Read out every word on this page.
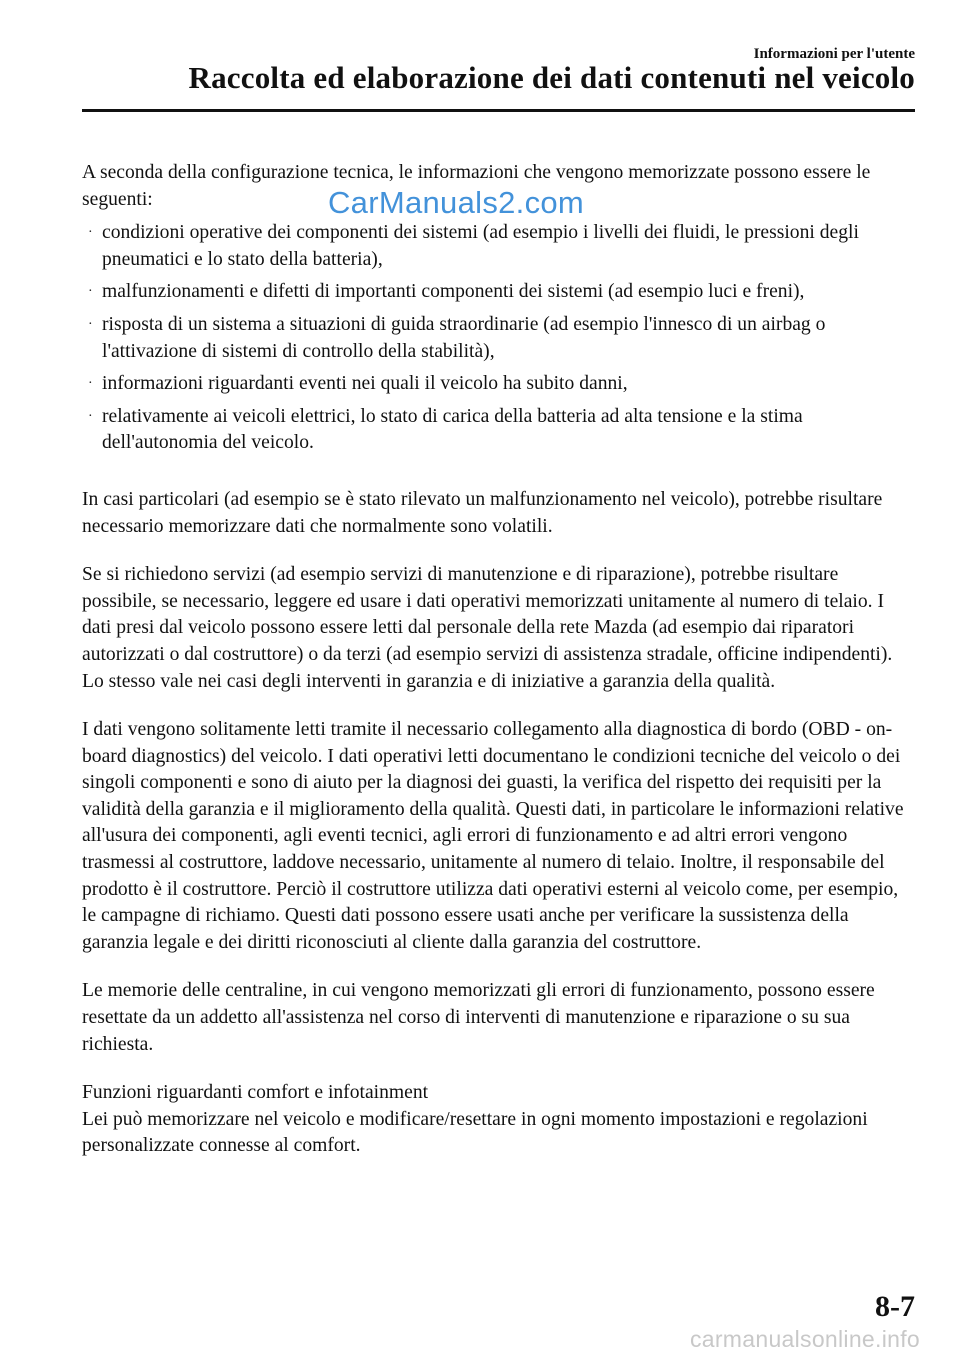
Informazioni per l'utente
Raccolta ed elaborazione dei dati contenuti nel veicolo
CarManuals2.com

A seconda della configurazione tecnica, le informazioni che vengono memorizzate possono essere le seguenti:

· condizioni operative dei componenti dei sistemi (ad esempio i livelli dei fluidi, le pressioni degli pneumatici e lo stato della batteria),
· malfunzionamenti e difetti di importanti componenti dei sistemi (ad esempio luci e freni),
· risposta di un sistema a situazioni di guida straordinarie (ad esempio l'innesco di un airbag o l'attivazione di sistemi di controllo della stabilità),
· informazioni riguardanti eventi nei quali il veicolo ha subito danni,
· relativamente ai veicoli elettrici, lo stato di carica della batteria ad alta tensione e la stima dell'autonomia del veicolo.

In casi particolari (ad esempio se è stato rilevato un malfunzionamento nel veicolo), potrebbe risultare necessario memorizzare dati che normalmente sono volatili.

Se si richiedono servizi (ad esempio servizi di manutenzione e di riparazione), potrebbe risultare possibile, se necessario, leggere ed usare i dati operativi memorizzati unitamente al numero di telaio. I dati presi dal veicolo possono essere letti dal personale della rete Mazda (ad esempio dai riparatori autorizzati o dal costruttore) o da terzi (ad esempio servizi di assistenza stradale, officine indipendenti). Lo stesso vale nei casi degli interventi in garanzia e di iniziative a garanzia della qualità.

I dati vengono solitamente letti tramite il necessario collegamento alla diagnostica di bordo (OBD - on-board diagnostics) del veicolo. I dati operativi letti documentano le condizioni tecniche del veicolo o dei singoli componenti e sono di aiuto per la diagnosi dei guasti, la verifica del rispetto dei requisiti per la validità della garanzia e il miglioramento della qualità. Questi dati, in particolare le informazioni relative all'usura dei componenti, agli eventi tecnici, agli errori di funzionamento e ad altri errori vengono trasmessi al costruttore, laddove necessario, unitamente al numero di telaio. Inoltre, il responsabile del prodotto è il costruttore. Perciò il costruttore utilizza dati operativi esterni al veicolo come, per esempio, le campagne di richiamo. Questi dati possono essere usati anche per verificare la sussistenza della garanzia legale e dei diritti riconosciuti al cliente dalla garanzia del costruttore.

Le memorie delle centraline, in cui vengono memorizzati gli errori di funzionamento, possono essere resettate da un addetto all'assistenza nel corso di interventi di manutenzione e riparazione o su sua richiesta.

Funzioni riguardanti comfort e infotainment

Lei può memorizzare nel veicolo e modificare/resettare in ogni momento impostazioni e regolazioni personalizzate connesse al comfort.

8-7
carmanualsonline.info
